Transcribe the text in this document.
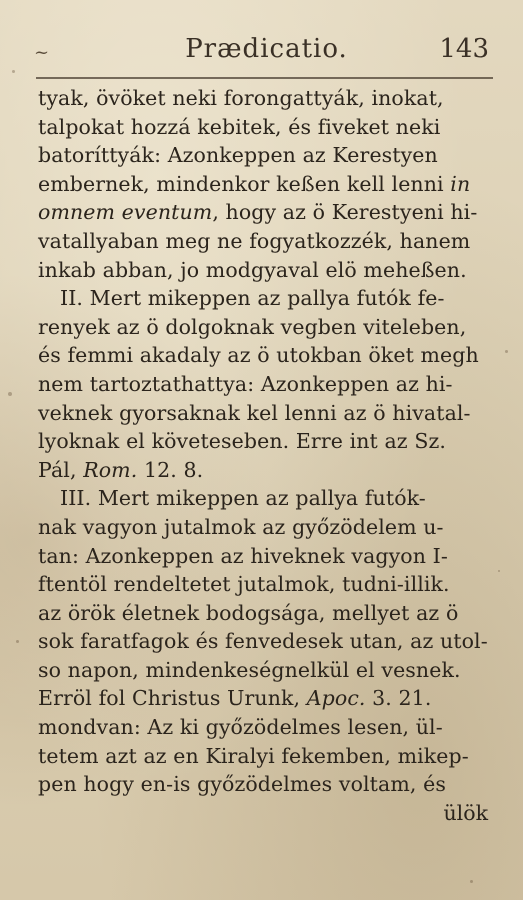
~	Prædicatio.	143
tyak, övöket neki forongattyák, inokat,
talpokat hozzá kebitek, és fiveket neki
batoríttyák: Azonkeppen az Kerestyen
embernek, mindenkor keßen kell lenni in
omnem eventum, hogy az ö Kerestyeni hi-
vatallyaban meg ne fogyatkozzék, hanem
inkab abban, jo modgyaval elö meheßen.
II. Mert mikeppen az pallya futók fe-
renyek az ö dolgoknak vegben viteleben,
és femmi akadaly az ö utokban öket megh
nem tartoztathattya: Azonkeppen az hi-
veknek gyorsaknak kel lenni az ö hivatal-
lyoknak el követeseben. Erre int az Sz.
Pál, Rom. 12. 8.
III. Mert mikeppen az pallya futók-
nak vagyon jutalmok az győzödelem u-
tan: Azonkeppen az hiveknek vagyon I-
ftentöl rendeltetet jutalmok, tudni-illik.
az örök életnek bodogsága, mellyet az ö
sok faratfagok és fenvedesek utan, az utol-
so napon, mindenkeségnelkül el vesnek.
Erröl fol Christus Urunk, Apoc. 3. 21.
mondvan: Az ki győzödelmes lesen, ül-
tetem azt az en Kiralyi fekemben, mikep-
pen hogy en-is győzödelmes voltam, és
ülök
